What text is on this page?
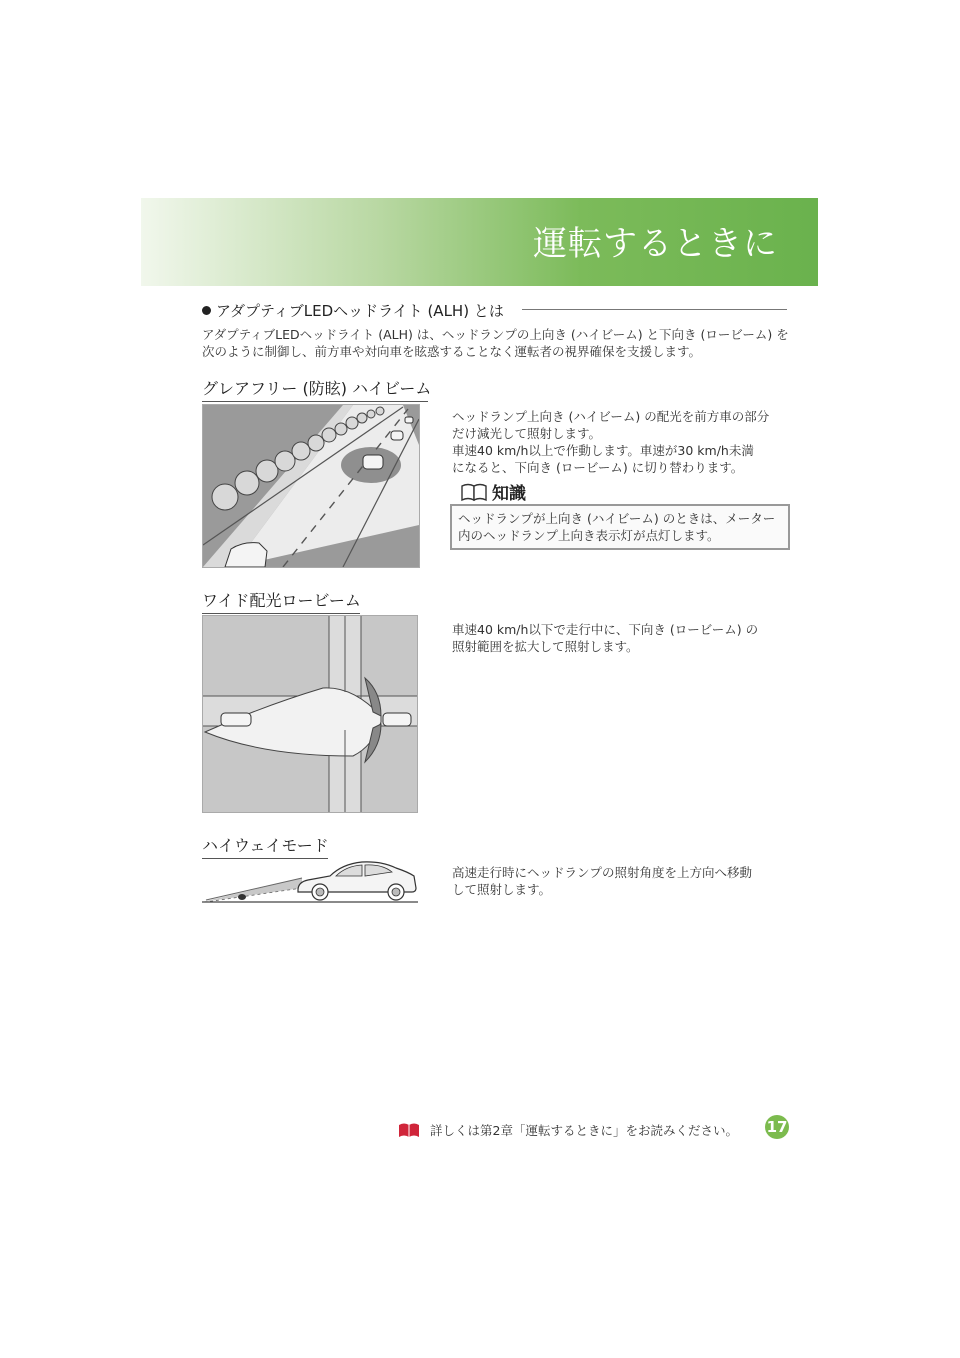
運転するときに
アダプティブLEDヘッドライト (ALH) とは
アダプティブLEDヘッドライト (ALH) は、ヘッドランプの上向き (ハイビーム) と下向き (ロービーム) を次のように制御し、前方車や対向車を眩惑することなく運転者の視界確保を支援します。
グレアフリー (防眩) ハイビーム
ヘッドランプ上向き (ハイビーム) の配光を前方車の部分
だけ減光して照射します。
車速40 km/h以上で作動します。車速が30 km/h未満
になると、下向き (ロービーム) に切り替わります。
知識
ヘッドランプが上向き (ハイビーム) のときは、メーター
内のヘッドランプ上向き表示灯が点灯します。
ワイド配光ロービーム
車速40 km/h以下で走行中に、下向き (ロービーム) の
照射範囲を拡大して照射します。
ハイウェイモード
高速走行時にヘッドランプの照射角度を上方向へ移動
して照射します。
詳しくは第2章「運転するときに」をお読みください。 17
